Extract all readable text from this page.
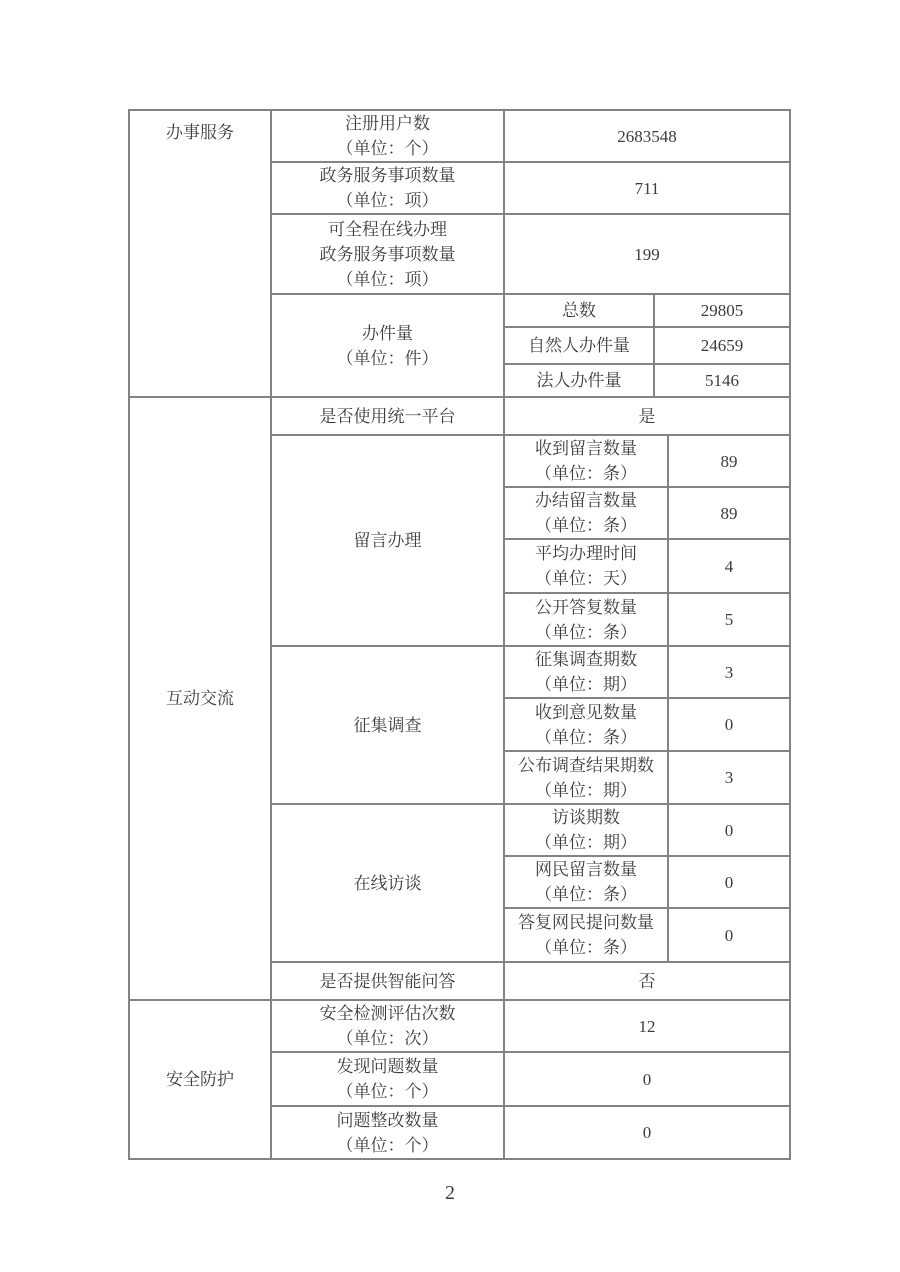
办事服务	注册用户数
（单位：个）	2683548		

	政务服务事项数量
（单位：项）	711		

	可全程在线办理
政务服务事项数量
（单位：项）	199		

	办件量
（单位：件）	总数	29805	

		自然人办件量	24659	

		法人办件量	5146	

互动交流	是否使用统一平台	是		

	留言办理	收到留言数量
（单位：条）		89

		办结留言数量
（单位：条）		89

		平均办理时间
（单位：天）		4

		公开答复数量
（单位：条）		5

	征集调查	征集调查期数
（单位：期）		3

		收到意见数量
（单位：条）		0

		公布调查结果期数
（单位：期）		3

	在线访谈	访谈期数
（单位：期）		0

		网民留言数量
（单位：条）		0

		答复网民提问数量
（单位：条）		0

	是否提供智能问答	否		

安全防护	安全检测评估次数
（单位：次）	12		

	发现问题数量
（单位：个）	0		

	问题整改数量
（单位：个）	0		
2
